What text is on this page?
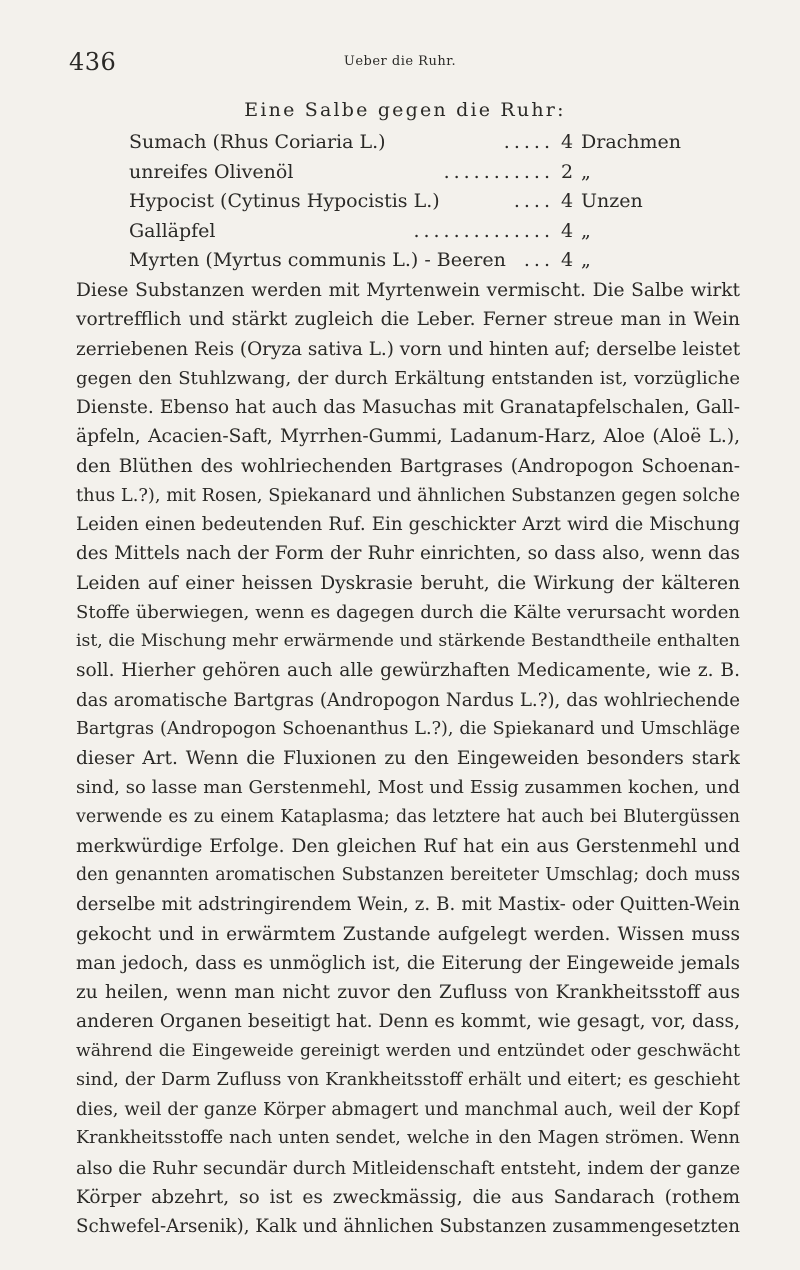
436	Ueber die Ruhr.
Eine Salbe gegen die Ruhr:
Sumach (Rhus Coriaria L.)	..... 4 Drachmen
unreifes Olivenöl	........... 2 „
Hypocist (Cytinus Hypocistis L.)	.... 4 Unzen
Galläpfel	.............. 4 „
Myrten (Myrtus communis L.) - Beeren ... 4 „
Diese Substanzen werden mit Myrtenwein vermischt. Die Salbe wirkt
vortrefflich und stärkt zugleich die Leber. Ferner streue man in Wein
zerriebenen Reis (Oryza sativa L.) vorn und hinten auf; derselbe leistet
gegen den Stuhlzwang, der durch Erkältung entstanden ist, vorzügliche
Dienste. Ebenso hat auch das Masuchas mit Granatapfelschalen, Gall-
äpfeln, Acacien-Saft, Myrrhen-Gummi, Ladanum-Harz, Aloe (Aloë L.),
den Blüthen des wohlriechenden Bartgrases (Andropogon Schoenan-
thus L.?), mit Rosen, Spiekanard und ähnlichen Substanzen gegen solche
Leiden einen bedeutenden Ruf. Ein geschickter Arzt wird die Mischung
des Mittels nach der Form der Ruhr einrichten, so dass also, wenn das
Leiden auf einer heissen Dyskrasie beruht, die Wirkung der kälteren
Stoffe überwiegen, wenn es dagegen durch die Kälte verursacht worden
ist, die Mischung mehr erwärmende und stärkende Bestandtheile enthalten
soll. Hierher gehören auch alle gewürzhaften Medicamente, wie z. B.
das aromatische Bartgras (Andropogon Nardus L.?), das wohlriechende
Bartgras (Andropogon Schoenanthus L.?), die Spiekanard und Umschläge
dieser Art. Wenn die Fluxionen zu den Eingeweiden besonders stark
sind, so lasse man Gerstenmehl, Most und Essig zusammen kochen, und
verwende es zu einem Kataplasma; das letztere hat auch bei Blutergüssen
merkwürdige Erfolge. Den gleichen Ruf hat ein aus Gerstenmehl und
den genannten aromatischen Substanzen bereiteter Umschlag; doch muss
derselbe mit adstringirendem Wein, z. B. mit Mastix- oder Quitten-Wein
gekocht und in erwärmtem Zustande aufgelegt werden. Wissen muss
man jedoch, dass es unmöglich ist, die Eiterung der Eingeweide jemals
zu heilen, wenn man nicht zuvor den Zufluss von Krankheitsstoff aus
anderen Organen beseitigt hat. Denn es kommt, wie gesagt, vor, dass,
während die Eingeweide gereinigt werden und entzündet oder geschwächt
sind, der Darm Zufluss von Krankheitsstoff erhält und eitert; es geschieht
dies, weil der ganze Körper abmagert und manchmal auch, weil der Kopf
Krankheitsstoffe nach unten sendet, welche in den Magen strömen. Wenn
also die Ruhr secundär durch Mitleidenschaft entsteht, indem der ganze
Körper abzehrt, so ist es zweckmässig, die aus Sandarach (rothem
Schwefel-Arsenik), Kalk und ähnlichen Substanzen zusammengesetzten
